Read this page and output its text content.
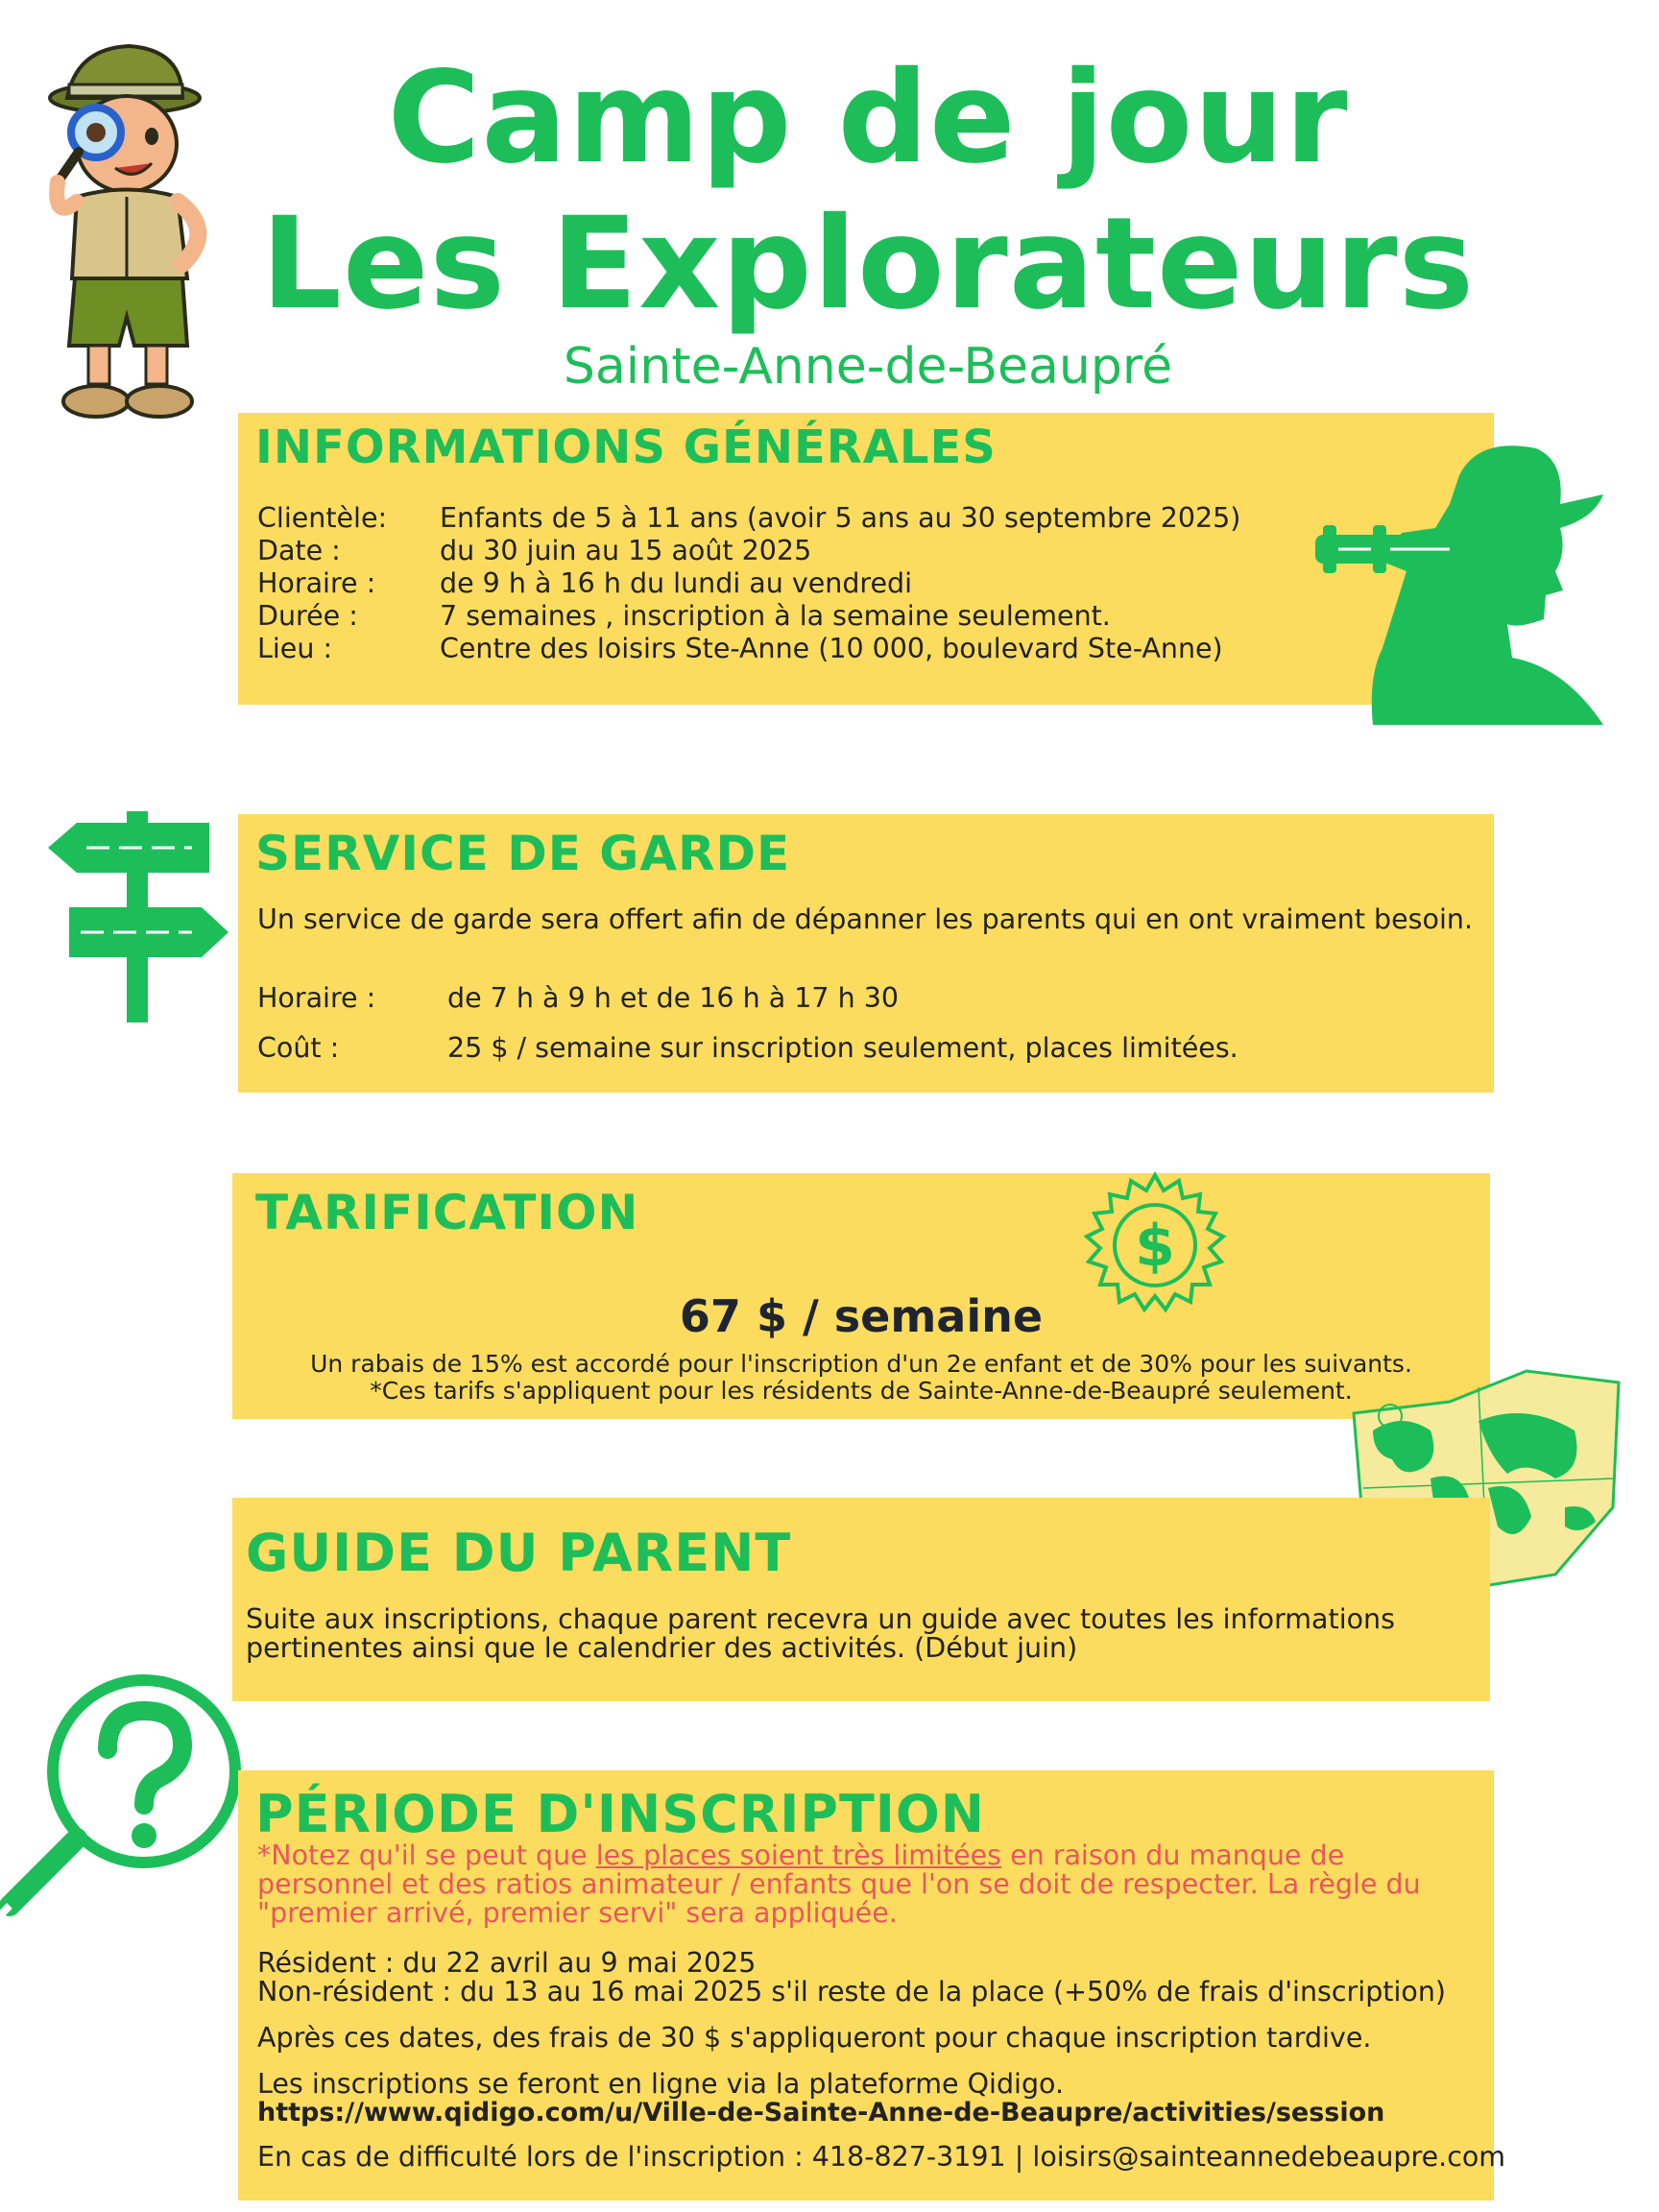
Camp de jour
Les Explorateurs
Sainte-Anne-de-Beaupré
INFORMATIONS GÉNÉRALES
Clientèle: Enfants de 5 à 11 ans (avoir 5 ans au 30 septembre 2025)
Date :	du 30 juin au 15 août 2025
Horaire : de 9 h à 16 h du lundi au vendredi
Durée :	7 semaines , inscription à la semaine seulement.
Lieu :	Centre des loisirs Ste-Anne (10 000, boulevard Ste-Anne)
SERVICE DE GARDE
Un service de garde sera offert afin de dépanner les parents qui en ont vraiment besoin.
Horaire :	de 7 h à 9 h et de 16 h à 17 h 30
Coût :	25 $ / semaine sur inscription seulement, places limitées.
TARIFICATION	$
67 $ / semaine
Un rabais de 15% est accordé pour l'inscription d'un 2e enfant et de 30% pour les suivants.
*Ces tarifs s'appliquent pour les résidents de Sainte-Anne-de-Beaupré seulement.
GUIDE DU PARENT
Suite aux inscriptions, chaque parent recevra un guide avec toutes les informations pertinentes ainsi que le calendrier des activités. (Début juin)
PÉRIODE D'INSCRIPTION
*Notez qu'il se peut que les places soient très limitées en raison du manque de personnel et des ratios animateur / enfants que l'on se doit de respecter. La règle du "premier arrivé, premier servi" sera appliquée.
Résident : du 22 avril au 9 mai 2025
Non-résident : du 13 au 16 mai 2025 s'il reste de la place (+50% de frais d'inscription)
Après ces dates, des frais de 30 $ s'appliqueront pour chaque inscription tardive.
Les inscriptions se feront en ligne via la plateforme Qidigo.
https://www.qidigo.com/u/Ville-de-Sainte-Anne-de-Beaupre/activities/session
En cas de difficulté lors de l'inscription : 418-827-3191 | loisirs@sainteannedebeaupre.com
